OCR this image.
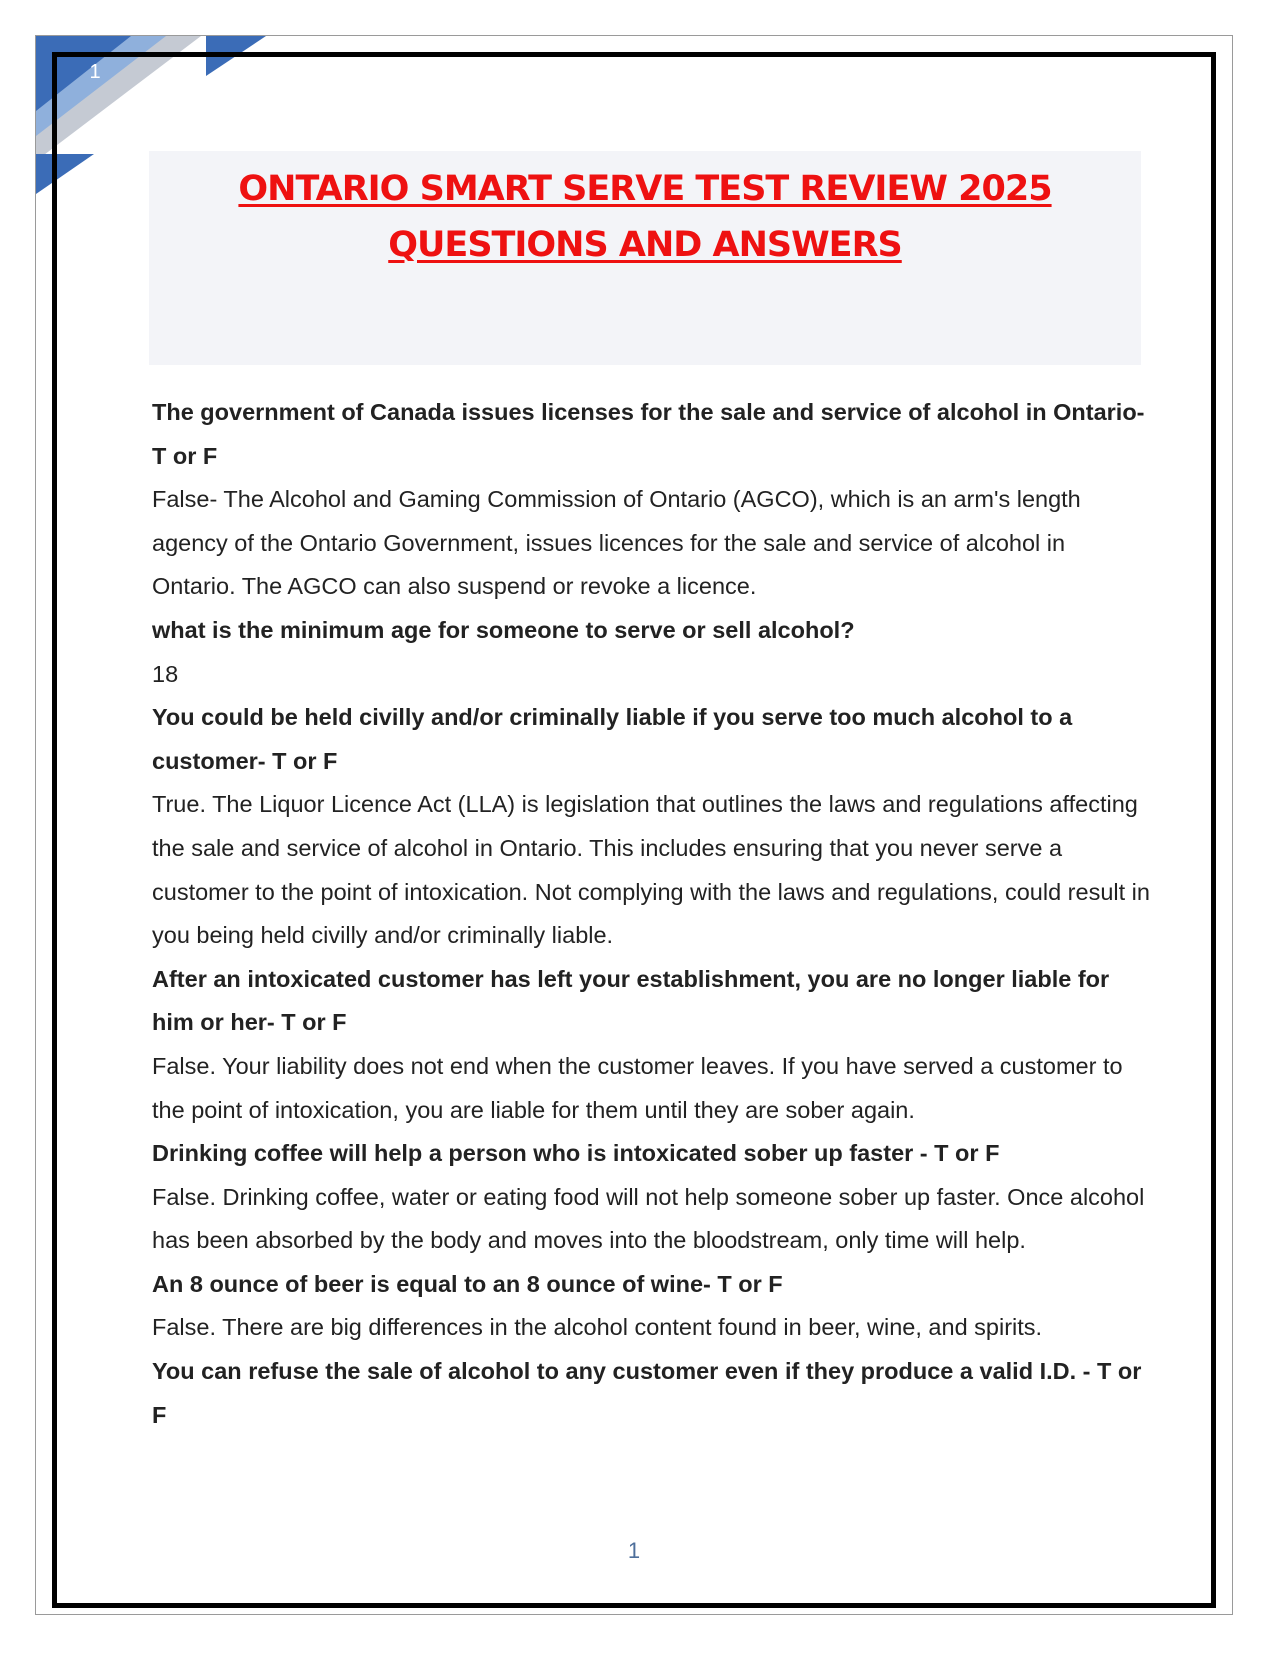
1
ONTARIO SMART SERVE TEST REVIEW 2025
QUESTIONS AND ANSWERS

The government of Canada issues licenses for the sale and service of alcohol in Ontario- T or F

False- The Alcohol and Gaming Commission of Ontario (AGCO), which is an arm's length agency of the Ontario Government, issues licences for the sale and service of alcohol in Ontario. The AGCO can also suspend or revoke a licence.

what is the minimum age for someone to serve or sell alcohol?

18

You could be held civilly and/or criminally liable if you serve too much alcohol to a customer- T or F

True. The Liquor Licence Act (LLA) is legislation that outlines the laws and regulations affecting the sale and service of alcohol in Ontario. This includes ensuring that you never serve a customer to the point of intoxication. Not complying with the laws and regulations, could result in you being held civilly and/or criminally liable.

After an intoxicated customer has left your establishment, you are no longer liable for him or her- T or F

False. Your liability does not end when the customer leaves. If you have served a customer to the point of intoxication, you are liable for them until they are sober again.

Drinking coffee will help a person who is intoxicated sober up faster - T or F

False. Drinking coffee, water or eating food will not help someone sober up faster. Once alcohol has been absorbed by the body and moves into the bloodstream, only time will help.

An 8 ounce of beer is equal to an 8 ounce of wine- T or F

False. There are big differences in the alcohol content found in beer, wine, and spirits.

You can refuse the sale of alcohol to any customer even if they produce a valid I.D. - T or F

1
